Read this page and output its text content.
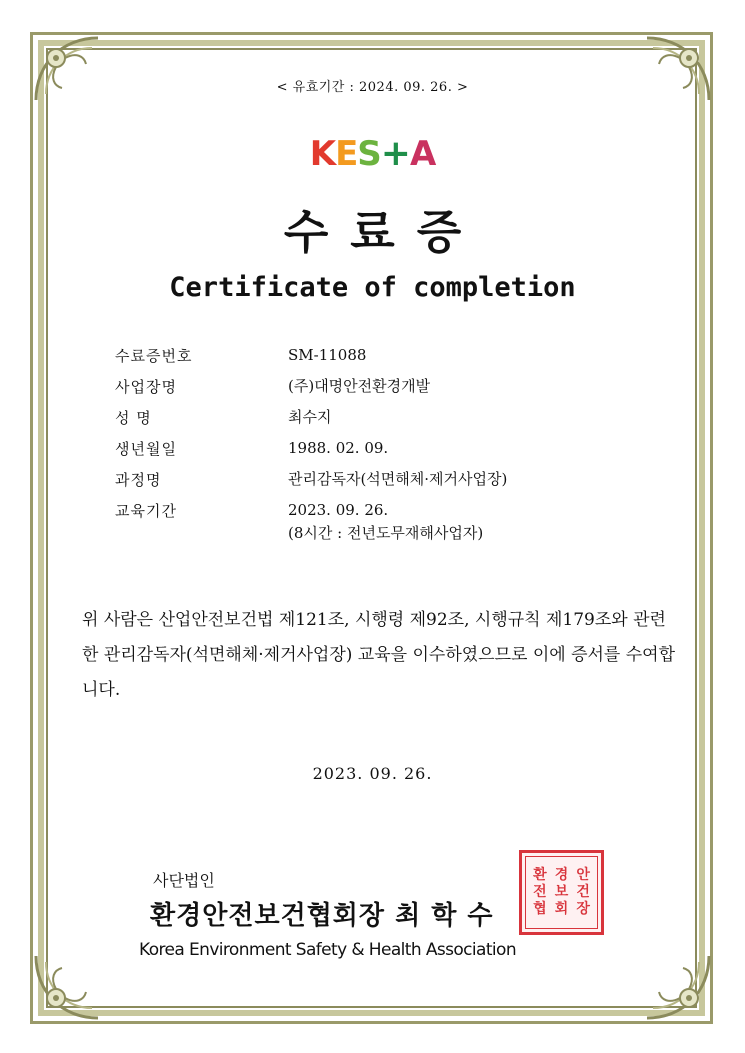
< 유효기간 : 2024. 09. 26. >
KES+A
수료증
Certificate of completion
수료증번호	SM-11088
사업장명	(주)대명안전환경개발
성 명	최수지
생년월일	1988. 02. 09.
과정명	관리감독자(석면해체·제거사업장)
교육기간	2023. 09. 26.
(8시간 : 전년도무재해사업자)
위 사람은 산업안전보건법 제121조, 시행령 제92조, 시행규칙 제179조와 관련한 관리감독자(석면해체·제거사업장) 교육을 이수하였으므로 이에 증서를 수여합니다.
2023. 09. 26.
사단법인
환경안전보건협회장 최 학 수
Korea Environment Safety & Health Association
환 경 안
전 보 건
협 회 장
